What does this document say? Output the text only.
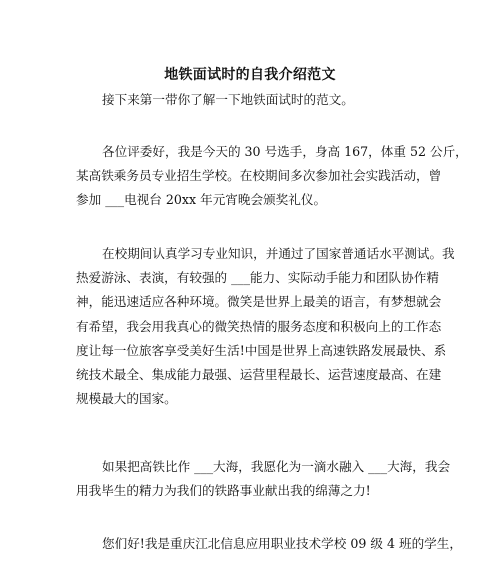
地铁面试时的自我介绍范文
接下来第一带你了解一下地铁面试时的范文。
各位评委好，我是今天的 30 号选手，身高 167，体重 52 公斤，
某高铁乘务员专业招生学校。在校期间多次参加社会实践活动，曾
参加 ___电视台 20xx 年元宵晚会颁奖礼仪。
在校期间认真学习专业知识，并通过了国家普通话水平测试。我
热爱游泳、表演，有较强的 ___能力、实际动手能力和团队协作精
神，能迅速适应各种环境。微笑是世界上最美的语言，有梦想就会
有希望，我会用我真心的微笑热情的服务态度和积极向上的工作态
度让每一位旅客享受美好生活!中国是世界上高速铁路发展最快、系
统技术最全、集成能力最强、运营里程最长、运营速度最高、在建
规模最大的国家。
如果把高铁比作 ___大海，我愿化为一滴水融入 ___大海，我会
用我毕生的精力为我们的铁路事业献出我的绵薄之力!
您们好!我是重庆江北信息应用职业技术学校 09 级 4 班的学生，
